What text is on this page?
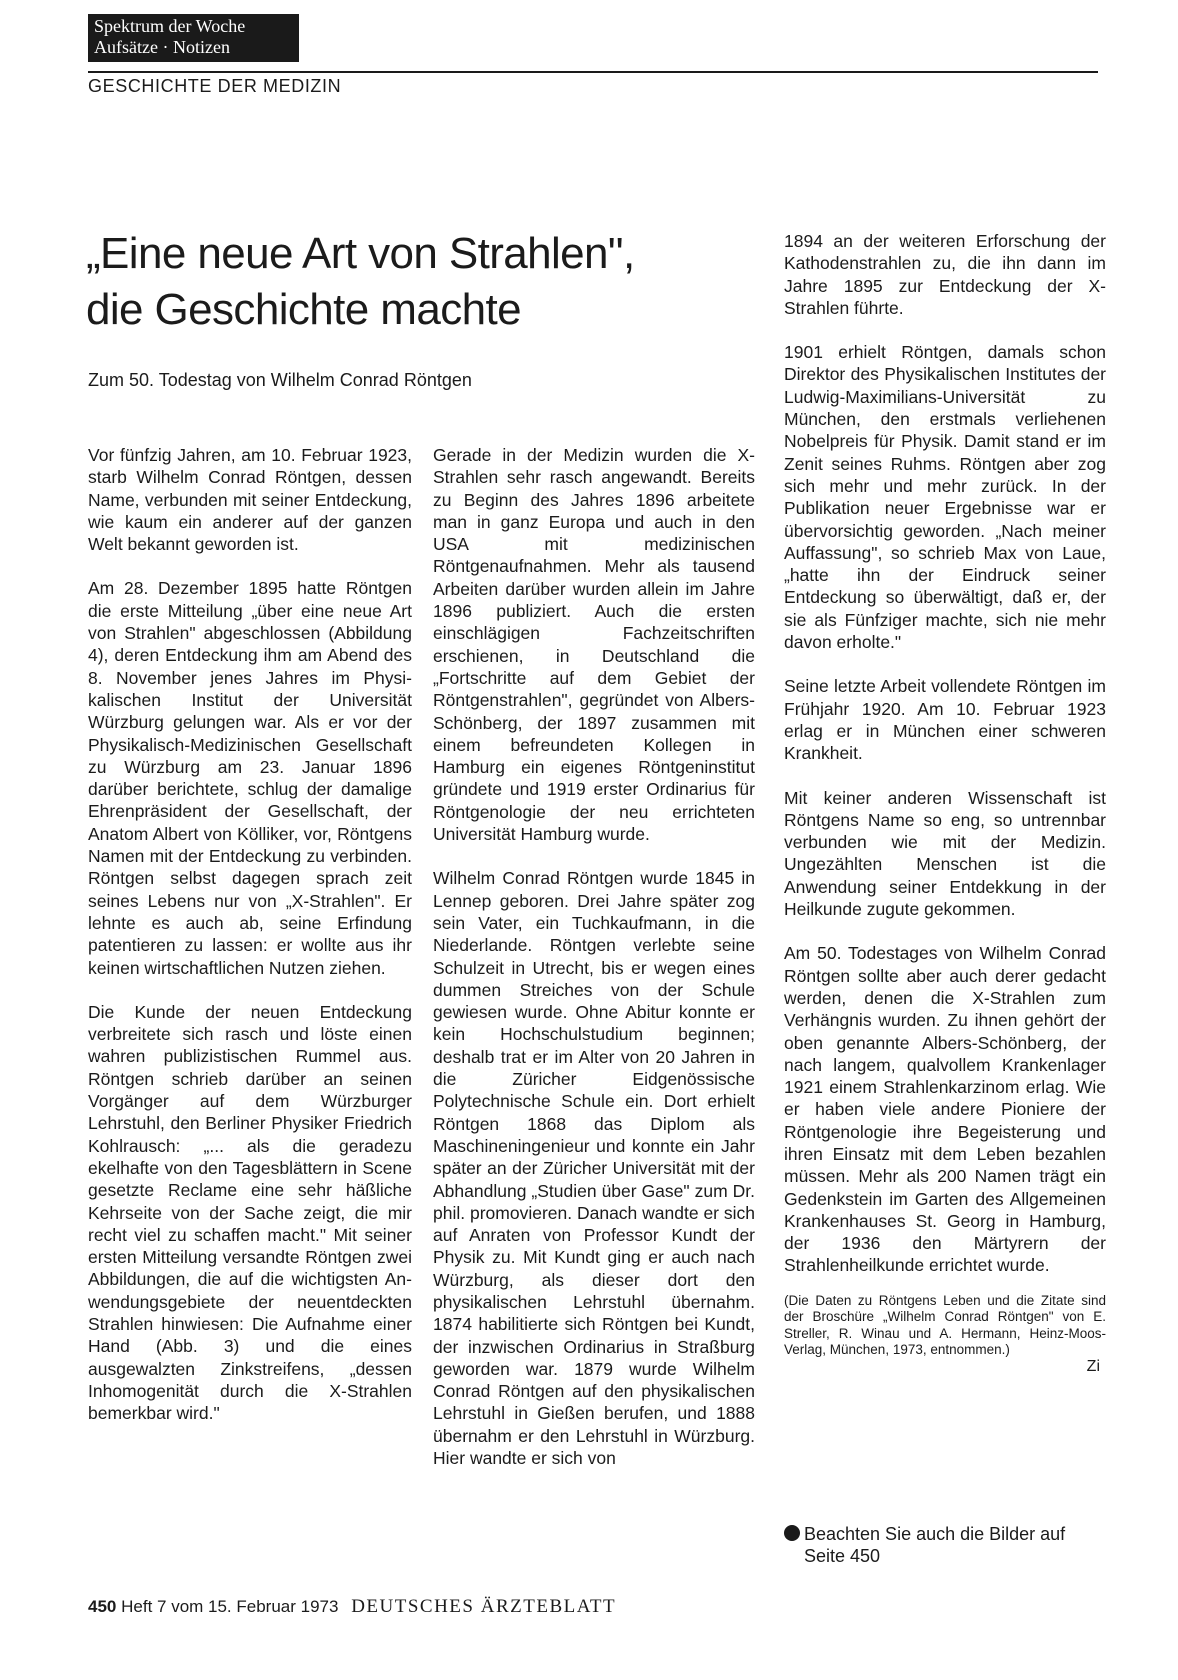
Spektrum der Woche
Aufsätze · Notizen
GESCHICHTE DER MEDIZIN
„Eine neue Art von Strahlen",
die Geschichte machte
Zum 50. Todestag von Wilhelm Conrad Röntgen

Vor fünfzig Jahren, am 10. Februar 1923, starb Wilhelm Conrad Röntgen, dessen Name, verbunden mit seiner Entdeckung, wie kaum ein anderer auf der ganzen Welt bekannt geworden ist.

Am 28. Dezember 1895 hatte Röntgen die erste Mitteilung „über eine neue Art von Strahlen" abgeschlossen (Abbildung 4), deren Entdeckung ihm am Abend des 8. November jenes Jahres im Physikalischen Institut der Universität Würzburg gelungen war. Als er vor der Physikalisch-Medizinischen Gesellschaft zu Würzburg am 23. Januar 1896 darüber berichtete, schlug der damalige Ehrenpräsident der Gesellschaft, der Anatom Albert von Kölliker, vor, Röntgens Namen mit der Entdeckung zu verbinden. Röntgen selbst dagegen sprach zeit seines Lebens nur von „X-Strahlen". Er lehnte es auch ab, seine Erfindung patentieren zu lassen: er wollte aus ihr keinen wirtschaftlichen Nutzen ziehen.

Die Kunde der neuen Entdeckung verbreitete sich rasch und löste einen wahren publizistischen Rummel aus. Röntgen schrieb darüber an seinen Vorgänger auf dem Würzburger Lehrstuhl, den Berliner Physiker Friedrich Kohlrausch: „... als die geradezu ekelhafte von den Tagesblättern in Scene gesetzte Reclame eine sehr häßliche Kehrseite von der Sache zeigt, die mir recht viel zu schaffen macht." Mit seiner ersten Mitteilung versandte Röntgen zwei Abbildungen, die auf die wichtigsten Anwendungsgebiete der neuentdeckten Strahlen hinwiesen: Die Aufnahme einer Hand (Abb. 3) und die eines ausgewalzten Zinkstreifens, „dessen Inhomogenität durch die X-Strahlen bemerkbar wird."

Gerade in der Medizin wurden die X-Strahlen sehr rasch angewandt. Bereits zu Beginn des Jahres 1896 arbeitete man in ganz Europa und auch in den USA mit medizinischen Röntgenaufnahmen. Mehr als tausend Arbeiten darüber wurden allein im Jahre 1896 publiziert. Auch die ersten einschlägigen Fachzeitschriften erschienen, in Deutschland die „Fortschritte auf dem Gebiet der Röntgenstrahlen", gegründet von Albers-Schönberg, der 1897 zusammen mit einem befreundeten Kollegen in Hamburg ein eigenes Röntgeninstitut gründete und 1919 erster Ordinarius für Röntgenologie der neu errichteten Universität Hamburg wurde.

Wilhelm Conrad Röntgen wurde 1845 in Lennep geboren. Drei Jahre später zog sein Vater, ein Tuchkaufmann, in die Niederlande. Röntgen verlebte seine Schulzeit in Utrecht, bis er wegen eines dummen Streiches von der Schule gewiesen wurde. Ohne Abitur konnte er kein Hochschulstudium beginnen; deshalb trat er im Alter von 20 Jahren in die Züricher Eidgenössische Polytechnische Schule ein. Dort erhielt Röntgen 1868 das Diplom als Maschineningenieur und konnte ein Jahr später an der Züricher Universität mit der Abhandlung „Studien über Gase" zum Dr. phil. promovieren. Danach wandte er sich auf Anraten von Professor Kundt der Physik zu. Mit Kundt ging er auch nach Würzburg, als dieser dort den physikalischen Lehrstuhl übernahm. 1874 habilitierte sich Röntgen bei Kundt, der inzwischen Ordinarius in Straßburg geworden war. 1879 wurde Wilhelm Conrad Röntgen auf den physikalischen Lehrstuhl in Gießen berufen, und 1888 übernahm er den Lehrstuhl in Würzburg. Hier wandte er sich von

1894 an der weiteren Erforschung der Kathodenstrahlen zu, die ihn dann im Jahre 1895 zur Entdeckung der X-Strahlen führte.

1901 erhielt Röntgen, damals schon Direktor des Physikalischen Institutes der Ludwig-Maximilians-Universität zu München, den erstmals verliehenen Nobelpreis für Physik. Damit stand er im Zenit seines Ruhms. Röntgen aber zog sich mehr und mehr zurück. In der Publikation neuer Ergebnisse war er übervorsichtig geworden. „Nach meiner Auffassung", so schrieb Max von Laue, „hatte ihn der Eindruck seiner Entdeckung so überwältigt, daß er, der sie als Fünfziger machte, sich nie mehr davon erholte."

Seine letzte Arbeit vollendete Röntgen im Frühjahr 1920. Am 10. Februar 1923 erlag er in München einer schweren Krankheit.

Mit keiner anderen Wissenschaft ist Röntgens Name so eng, so untrennbar verbunden wie mit der Medizin. Ungezählten Menschen ist die Anwendung seiner Entdekkung in der Heilkunde zugute gekommen.

Am 50. Todestages von Wilhelm Conrad Röntgen sollte aber auch derer gedacht werden, denen die X-Strahlen zum Verhängnis wurden. Zu ihnen gehört der oben genannte Albers-Schönberg, der nach langem, qualvollem Krankenlager 1921 einem Strahlenkarzinom erlag. Wie er haben viele andere Pioniere der Röntgenologie ihre Begeisterung und ihren Einsatz mit dem Leben bezahlen müssen. Mehr als 200 Namen trägt ein Gedenkstein im Garten des Allgemeinen Krankenhauses St. Georg in Hamburg, der 1936 den Märtyrern der Strahlenheilkunde errichtet wurde.

(Die Daten zu Röntgens Leben und die Zitate sind der Broschüre „Wilhelm Conrad Röntgen" von E. Streller, R. Winau und A. Hermann, Heinz-Moos-Verlag, München, 1973, entnommen.)
Zi
Beachten Sie auch die Bilder auf
Seite 450
450 Heft 7 vom 15. Februar 1973 DEUTSCHES ÄRZTEBLATT
